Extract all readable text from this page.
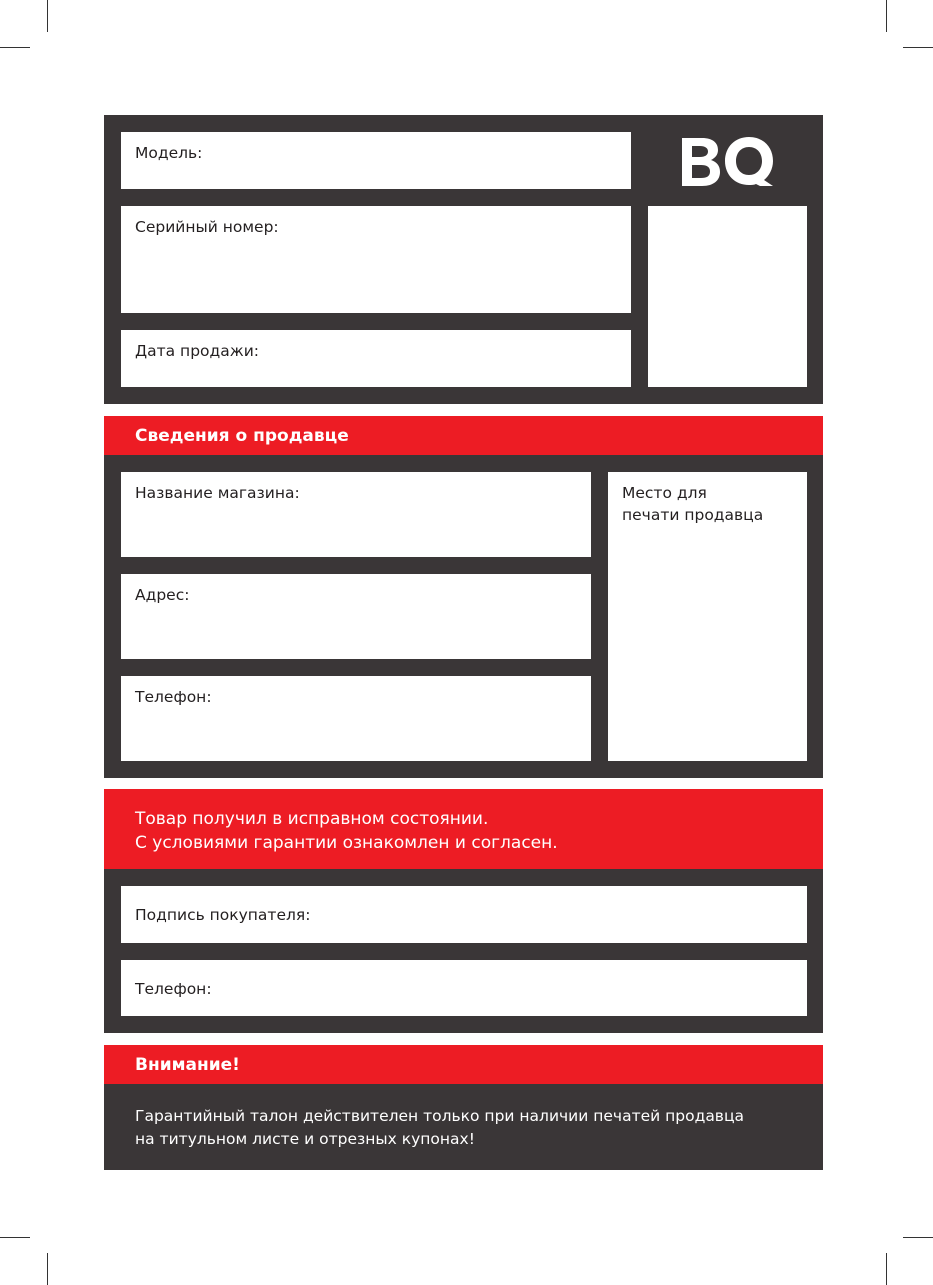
Модель:
Серийный номер:
Дата продажи:
Сведения о продавце
Название магазина:
Адрес:
Телефон:
Место для
печати продавца
Товар получил в исправном состоянии.
С условиями гарантии ознакомлен и согласен.
Подпись покупателя:
Телефон:
Внимание!
Гарантийный талон действителен только при наличии печатей продавца
на титульном листе и отрезных купонах!
